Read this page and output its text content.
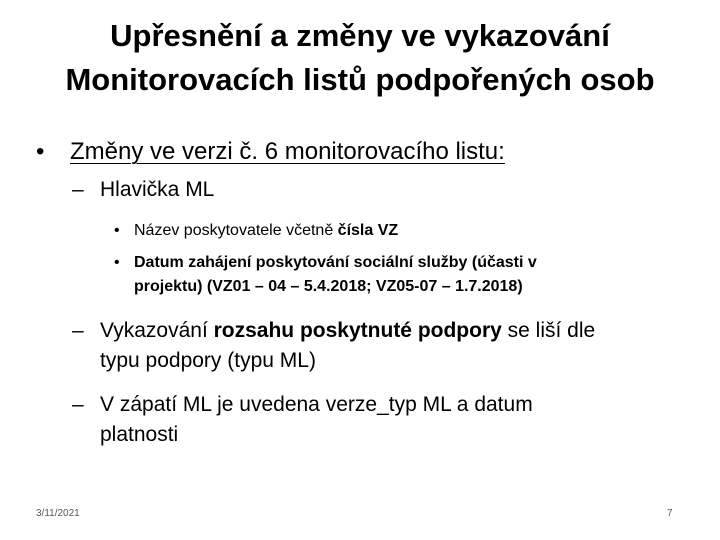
Upřesnění a změny ve vykazování
Monitorovacích listů podpořených osob
• Změny ve verzi č. 6 monitorovacího listu:
– Hlavička ML
• Název poskytovatele včetně čísla VZ
• Datum zahájení poskytování sociální služby (účasti v
projektu) (VZ01 – 04 – 5.4.2018; VZ05-07 – 1.7.2018)
– Vykazování rozsahu poskytnuté podpory se liší dle
typu podpory (typu ML)
– V zápatí ML je uvedena verze_typ ML a datum
platnosti
3/11/2021	7
